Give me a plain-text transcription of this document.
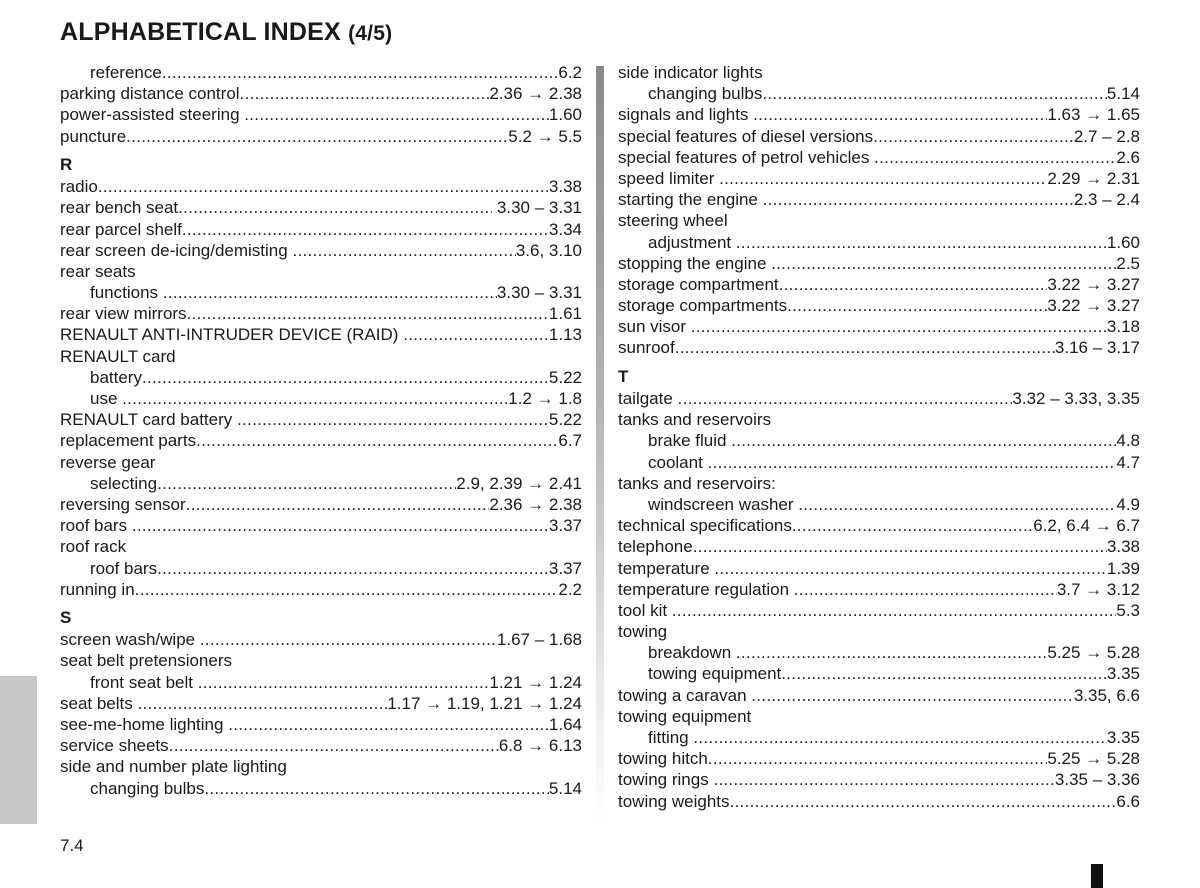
ALPHABETICAL INDEX (4/5)
reference .....	6.2
parking distance control .....	2.36 → 2.38
power-assisted steering .....	1.60
puncture .....	5.2 → 5.5
R
radio .....	3.38
rear bench seat .....	3.30 – 3.31
rear parcel shelf .....	3.34
rear screen de-icing/demisting .....	3.6, 3.10
rear seats
functions .....	3.30 – 3.31
rear view mirrors .....	1.61
RENAULT ANTI-INTRUDER DEVICE (RAID) .....	1.13
RENAULT card
battery .....	5.22
use .....	1.2 → 1.8
RENAULT card battery .....	5.22
replacement parts .....	6.7
reverse gear
selecting .....	2.9, 2.39 → 2.41
reversing sensor .....	2.36 → 2.38
roof bars .....	3.37
roof rack
roof bars .....	3.37
running in .....	2.2
S
screen wash/wipe .....	1.67 – 1.68
seat belt pretensioners
front seat belt .....	1.21 → 1.24
seat belts .....	1.17 → 1.19, 1.21 → 1.24
see-me-home lighting .....	1.64
service sheets .....	6.8 → 6.13
side and number plate lighting
changing bulbs .....	5.14
side indicator lights
changing bulbs .....	5.14
signals and lights .....	1.63 → 1.65
special features of diesel versions .....	2.7 – 2.8
special features of petrol vehicles .....	2.6
speed limiter .....	2.29 → 2.31
starting the engine .....	2.3 – 2.4
steering wheel
adjustment .....	1.60
stopping the engine .....	2.5
storage compartment .....	3.22 → 3.27
storage compartments .....	3.22 → 3.27
sun visor .....	3.18
sunroof .....	3.16 – 3.17
T
tailgate .....	3.32 – 3.33, 3.35
tanks and reservoirs
brake fluid .....	4.8
coolant .....	4.7
tanks and reservoirs:
windscreen washer .....	4.9
technical specifications .....	6.2, 6.4 → 6.7
telephone .....	3.38
temperature .....	1.39
temperature regulation .....	3.7 → 3.12
tool kit .....	5.3
towing
breakdown .....	5.25 → 5.28
towing equipment .....	3.35
towing a caravan .....	3.35, 6.6
towing equipment
fitting .....	3.35
towing hitch .....	5.25 → 5.28
towing rings .....	3.35 – 3.36
towing weights .....	6.6
7.4
